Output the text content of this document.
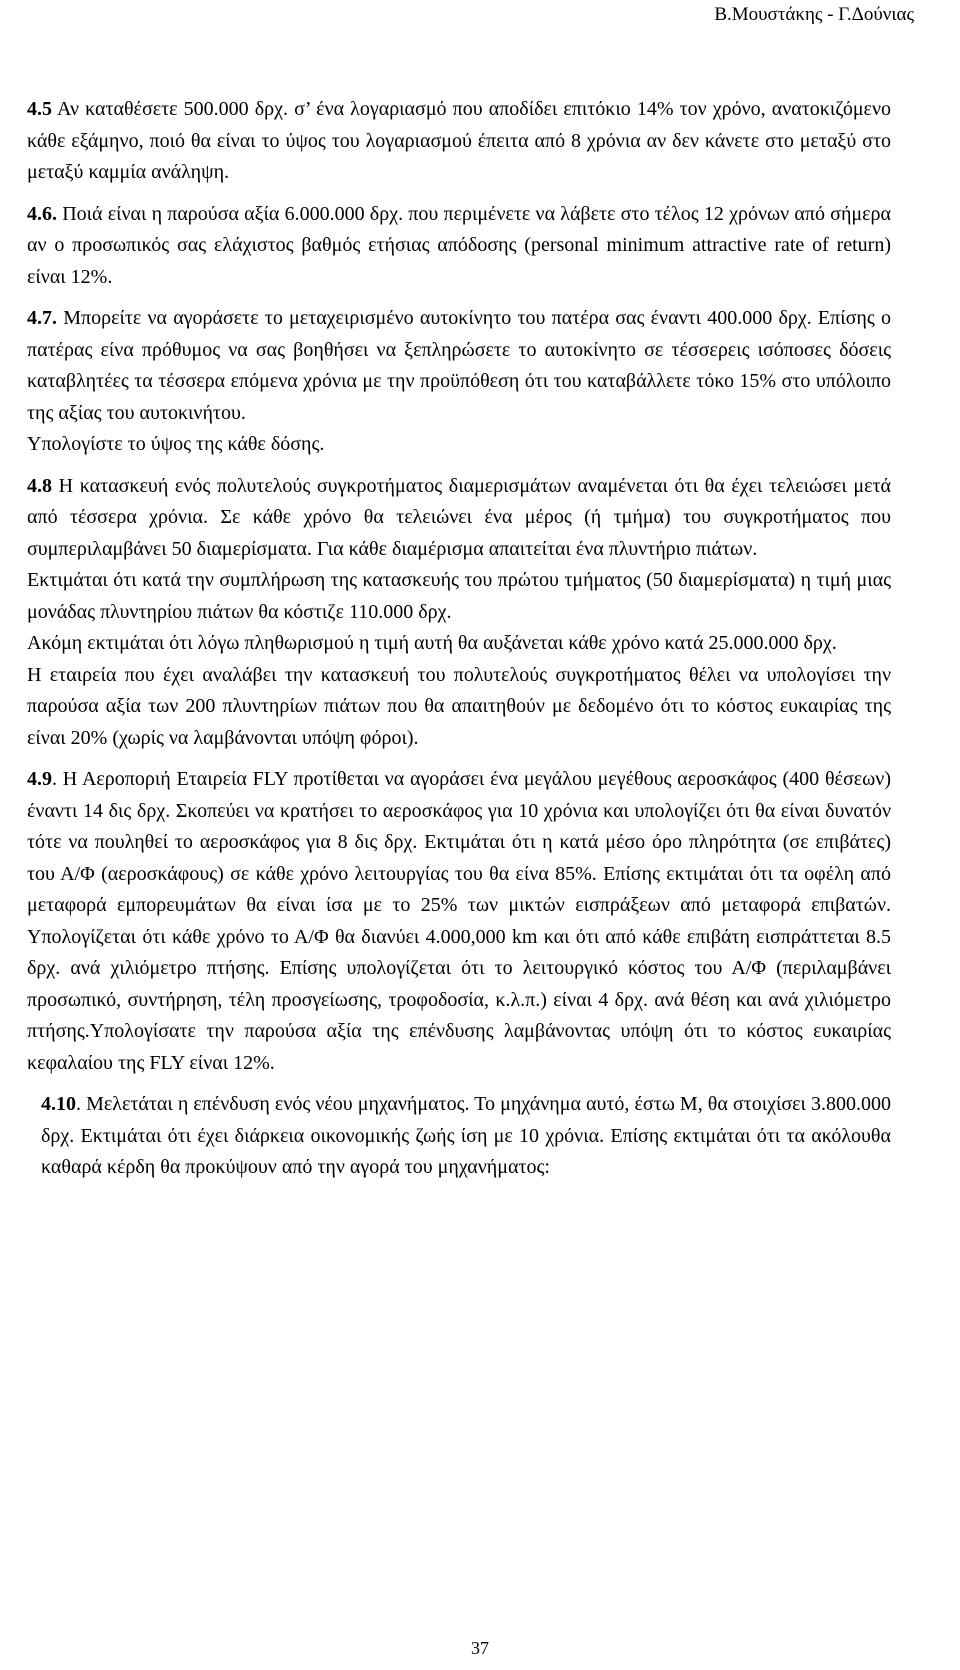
Β.Μουστάκης - Γ.Δούνιας

4.5 Αν καταθέσετε 500.000 δρχ. σ’ ένα λογαριασμό που αποδίδει επιτόκιο 14% τον χρόνο, ανατοκιζόμενο κάθε εξάμηνο, ποιό θα είναι το ύψος του λογαριασμού έπειτα από 8 χρόνια αν δεν κάνετε στο μεταξύ στο μεταξύ καμμία ανάληψη.

4.6. Ποιά είναι η παρούσα αξία 6.000.000 δρχ. που περιμένετε να λάβετε στο τέλος 12 χρόνων από σήμερα αν ο προσωπικός σας ελάχιστος βαθμός ετήσιας απόδοσης (personal minimum attractive rate of return) είναι 12%.

4.7. Μπορείτε να αγοράσετε το μεταχειρισμένο αυτοκίνητο του πατέρα σας έναντι 400.000 δρχ. Επίσης ο πατέρας είνα πρόθυμος να σας βοηθήσει να ξεπληρώσετε το αυτοκίνητο σε τέσσερεις ισόποσες δόσεις καταβλητέες τα τέσσερα επόμενα χρόνια με την προϋπόθεση ότι του καταβάλλετε τόκο 15% στο υπόλοιπο της αξίας του αυτοκινήτου.

Υπολογίστε το ύψος της κάθε δόσης.

4.8 Η κατασκευή ενός πολυτελούς συγκροτήματος διαμερισμάτων αναμένεται ότι θα έχει τελειώσει μετά από τέσσερα χρόνια. Σε κάθε χρόνο θα τελειώνει ένα μέρος (ή τμήμα) του συγκροτήματος που συμπεριλαμβάνει 50 διαμερίσματα. Για κάθε διαμέρισμα απαιτείται ένα πλυντήριο πιάτων.

Εκτιμάται ότι κατά την συμπλήρωση της κατασκευής του πρώτου τμήματος (50 διαμερίσματα) η τιμή μιας μονάδας πλυντηρίου πιάτων θα κόστιζε 110.000 δρχ.

Ακόμη εκτιμάται ότι λόγω πληθωρισμού η τιμή αυτή θα αυξάνεται κάθε χρόνο κατά 25.000.000 δρχ.

Η εταιρεία που έχει αναλάβει την κατασκευή του πολυτελούς συγκροτήματος θέλει να υπολογίσει την παρούσα αξία των 200 πλυντηρίων πιάτων που θα απαιτηθούν με δεδομένο ότι το κόστος ευκαιρίας της είναι 20% (χωρίς να λαμβάνονται υπόψη φόροι).

4.9. Η Αεροποριή Εταιρεία FLY προτίθεται να αγοράσει ένα μεγάλου μεγέθους αεροσκάφος (400 θέσεων) έναντι 14 δις δρχ. Σκοπεύει να κρατήσει το αεροσκάφος για 10 χρόνια και υπολογίζει ότι θα είναι δυνατόν τότε να πουληθεί το αεροσκάφος για 8 δις δρχ. Εκτιμάται ότι η κατά μέσο όρο πληρότητα (σε επιβάτες) του Α/Φ (αεροσκάφους) σε κάθε χρόνο λειτουργίας του θα είνα 85%. Επίσης εκτιμάται ότι τα οφέλη από μεταφορά εμπορευμάτων θα είναι ίσα με το 25% των μικτών εισπράξεων από μεταφορά επιβατών. Υπολογίζεται ότι κάθε χρόνο το Α/Φ θα διανύει 4.000,000 km και ότι από κάθε επιβάτη εισπράττεται 8.5 δρχ. ανά χιλιόμετρο πτήσης. Επίσης υπολογίζεται ότι το λειτουργικό κόστος του Α/Φ (περιλαμβάνει προσωπικό, συντήρηση, τέλη προσγείωσης, τροφοδοσία, κ.λ.π.) είναι 4 δρχ. ανά θέση και ανά χιλιόμετρο πτήσης.Υπολογίσατε την παρούσα αξία της επένδυσης λαμβάνοντας υπόψη ότι το κόστος ευκαιρίας κεφαλαίου της FLY είναι 12%.

4.10. Μελετάται η επένδυση ενός νέου μηχανήματος. Το μηχάνημα αυτό, έστω Μ, θα στοιχίσει 3.800.000 δρχ. Εκτιμάται ότι έχει διάρκεια οικονομικής ζωής ίση με 10 χρόνια. Επίσης εκτιμάται ότι τα ακόλουθα καθαρά κέρδη θα προκύψουν από την αγορά του μηχανήματος:

37
